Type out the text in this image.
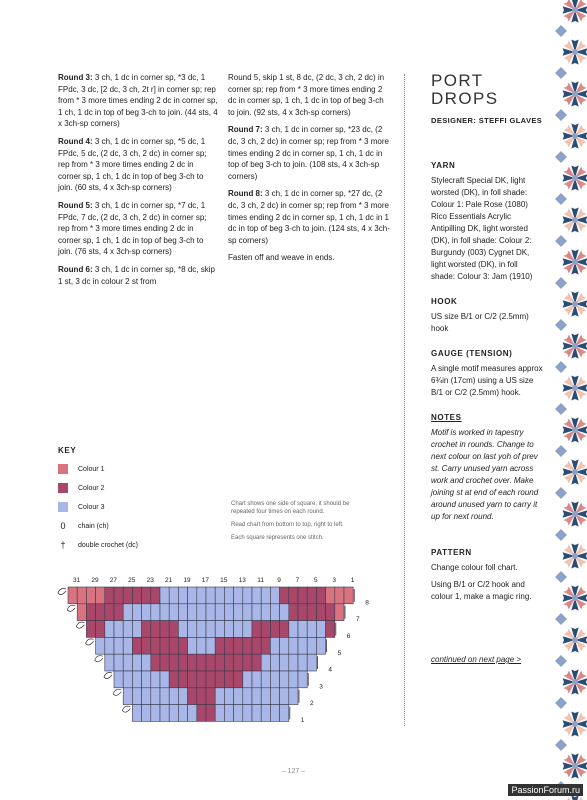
Round 3: 3 ch, 1 dc in corner sp, *3 dc, 1 FPdc, 3 dc, [2 dc, 3 ch, 2t r] in corner sp; rep from * 3 more times ending 2 dc in corner sp, 1 ch, 1 dc in top of beg 3-ch to join. (44 sts, 4 x 3ch-sp corners)

Round 4: 3 ch, 1 dc in corner sp, *5 dc, 1 FPdc, 5 dc, (2 dc, 3 ch, 2 dc) in corner sp; rep from * 3 more times ending 2 dc in corner sp, 1 ch, 1 dc in top of beg 3-ch to join. (60 sts, 4 x 3ch-sp corners)

Round 5: 3 ch, 1 dc in corner sp, *7 dc, 1 FPdc, 7 dc, (2 dc, 3 ch, 2 dc) in corner sp; rep from * 3 more times ending 2 dc in corner sp, 1 ch, 1 dc in top of beg 3-ch to join. (76 sts, 4 x 3ch-sp corners)

Round 6: 3 ch, 1 dc in corner sp, *8 dc, skip 1 st, 3 dc in colour 2 st from

Round 5, skip 1 st, 8 dc, (2 dc, 3 ch, 2 dc) in corner sp; rep from * 3 more times ending 2 dc in corner sp, 1 ch, 1 dc in top of beg 3-ch to join. (92 sts, 4 x 3ch-sp corners)

Round 7: 3 ch, 1 dc in corner sp, *23 dc, (2 dc, 3 ch, 2 dc) in corner sp; rep from * 3 more times ending 2 dc in corner sp, 1 ch, 1 dc in top of beg 3-ch to join. (108 sts, 4 x 3ch-sp corners)

Round 8: 3 ch, 1 dc in corner sp, *27 dc, (2 dc, 3 ch, 2 dc) in corner sp; rep from * 3 more times ending 2 dc in corner sp, 1 ch, 1 dc in 1 dc in top of beg 3-ch to join. (124 sts, 4 x 3ch-sp corners)

Fasten off and weave in ends.

PORT
DROPS
DESIGNER: STEFFI GLAVES
YARN
Stylecraft Special DK, light worsted (DK), in foll shade: Colour 1: Pale Rose (1080) Rico Essentials Acrylic Antipilling DK, light worsted (DK), in foll shade: Colour 2: Burgundy (003) Cygnet DK, light worsted (DK), in foll shade: Colour 3: Jam (1910)
HOOK
US size B/1 or C/2 (2.5mm) hook
GAUGE (TENSION)
A single motif measures approx 6¾in (17cm) using a US size B/1 or C/2 (2.5mm) hook.
NOTES
Motif is worked in tapestry crochet in rounds. Change to next colour on last yoh of prev st. Carry unused yarn across work and crochet over. Make joining st at end of each round around unused yarn to carry it up for next round.
PATTERN
Change colour foll chart.
Using B/1 or C/2 hook and colour 1, make a magic ring.
continued on next page >
KEY
Colour 1
Colour 2
Colour 3
0	chain (ch)
†	double crochet (dc)

Chart shows one side of square; it should be repeated four times on each round.

Read chart from bottom to top, right to left.

Each square represents one stitch.

31 29 27 25 23 21 19 17 15 13 11 9 7 5 3 1
8
7
6
5
4
3
2
1
– 127 –
PassionForum.ru
